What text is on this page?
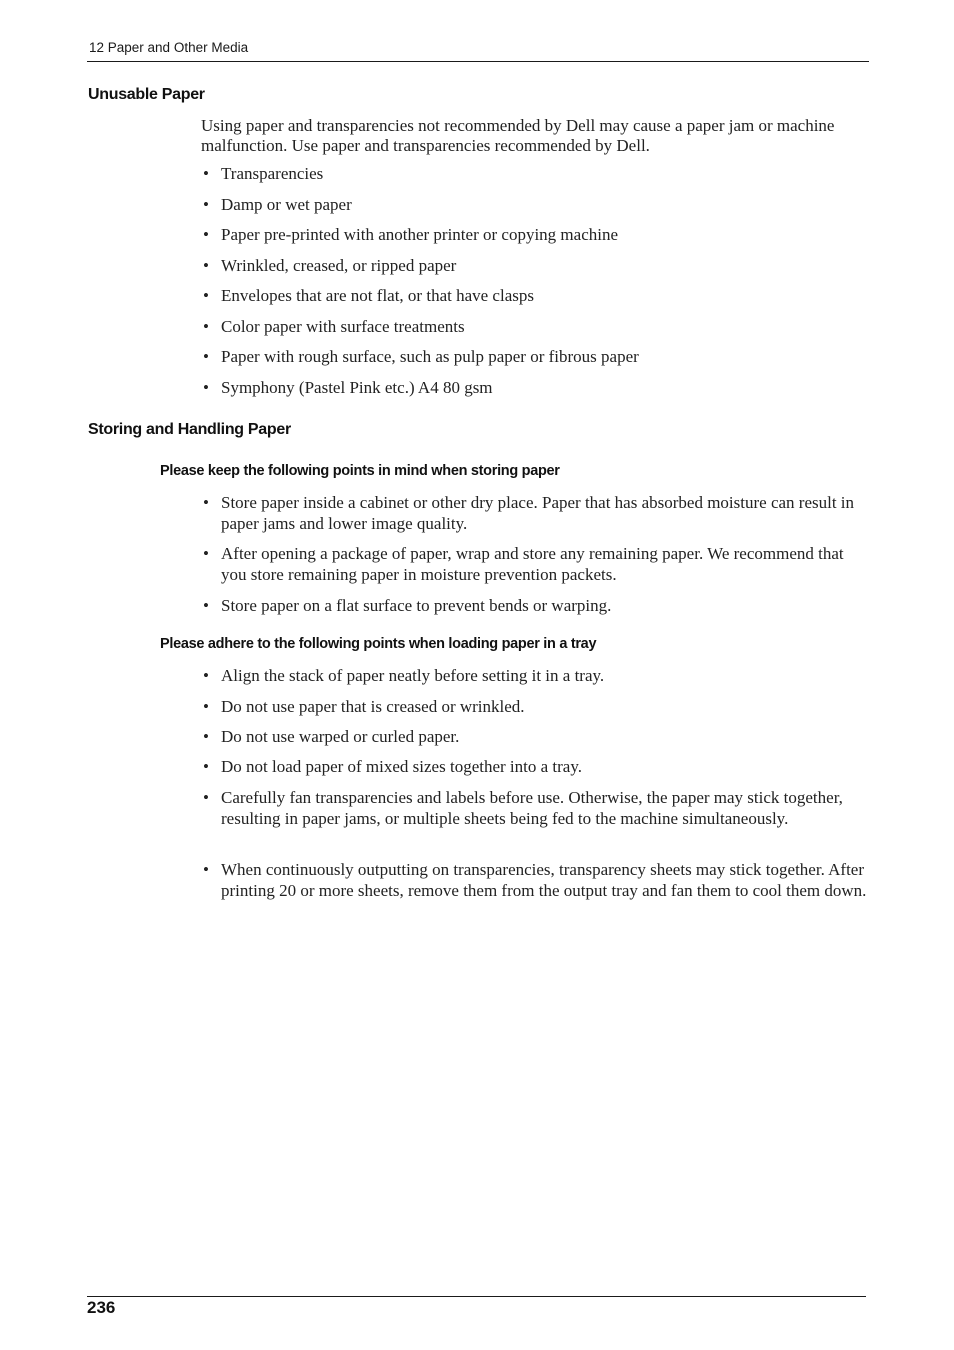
12 Paper and Other Media
Unusable Paper

Using paper and transparencies not recommended by Dell may cause a paper jam or machine malfunction. Use paper and transparencies recommended by Dell.

• Transparencies
• Damp or wet paper
• Paper pre-printed with another printer or copying machine
• Wrinkled, creased, or ripped paper
• Envelopes that are not flat, or that have clasps
• Color paper with surface treatments
• Paper with rough surface, such as pulp paper or fibrous paper
• Symphony (Pastel Pink etc.) A4 80 gsm
Storing and Handling Paper
Please keep the following points in mind when storing paper
• Store paper inside a cabinet or other dry place. Paper that has absorbed moisture can result in paper jams and lower image quality.
• After opening a package of paper, wrap and store any remaining paper. We recommend that you store remaining paper in moisture prevention packets.
• Store paper on a flat surface to prevent bends or warping.
Please adhere to the following points when loading paper in a tray
• Align the stack of paper neatly before setting it in a tray.
• Do not use paper that is creased or wrinkled.
• Do not use warped or curled paper.
• Do not load paper of mixed sizes together into a tray.
• Carefully fan transparencies and labels before use. Otherwise, the paper may stick together, resulting in paper jams, or multiple sheets being fed to the machine simultaneously.
• When continuously outputting on transparencies, transparency sheets may stick together. After printing 20 or more sheets, remove them from the output tray and fan them to cool them down.
236
